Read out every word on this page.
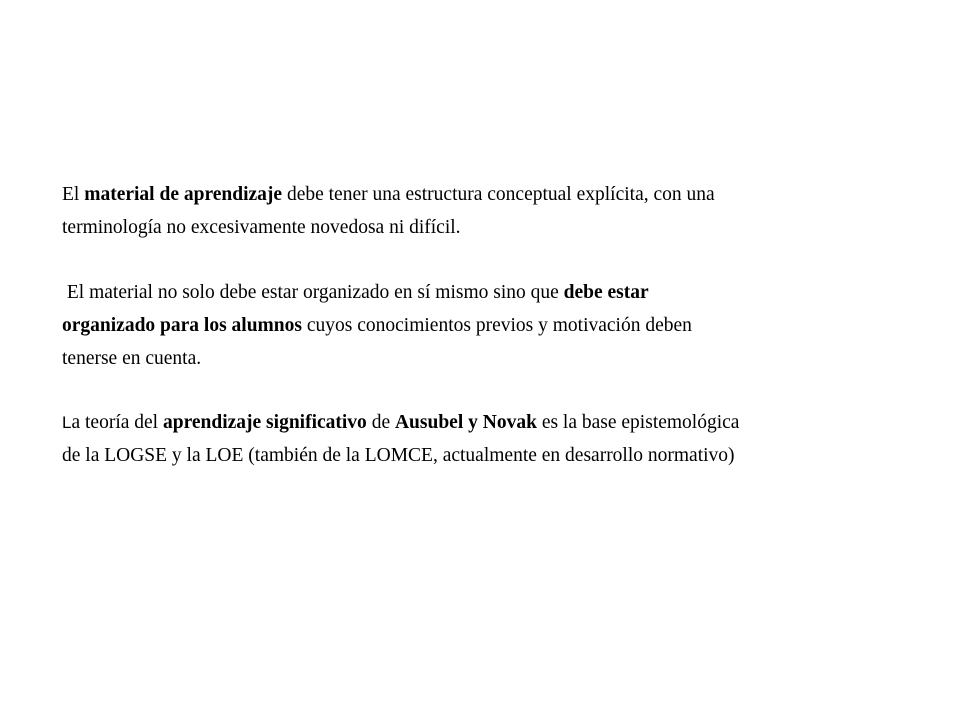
El material de aprendizaje debe tener una estructura conceptual explícita, con una
terminología no excesivamente novedosa ni difícil.

El material no solo debe estar organizado en sí mismo sino que debe estar
organizado para los alumnos cuyos conocimientos previos y motivación deben
tenerse en cuenta.

La teoría del aprendizaje significativo de Ausubel y Novak es la base epistemológica
de la LOGSE y la LOE (también de la LOMCE, actualmente en desarrollo normativo)
